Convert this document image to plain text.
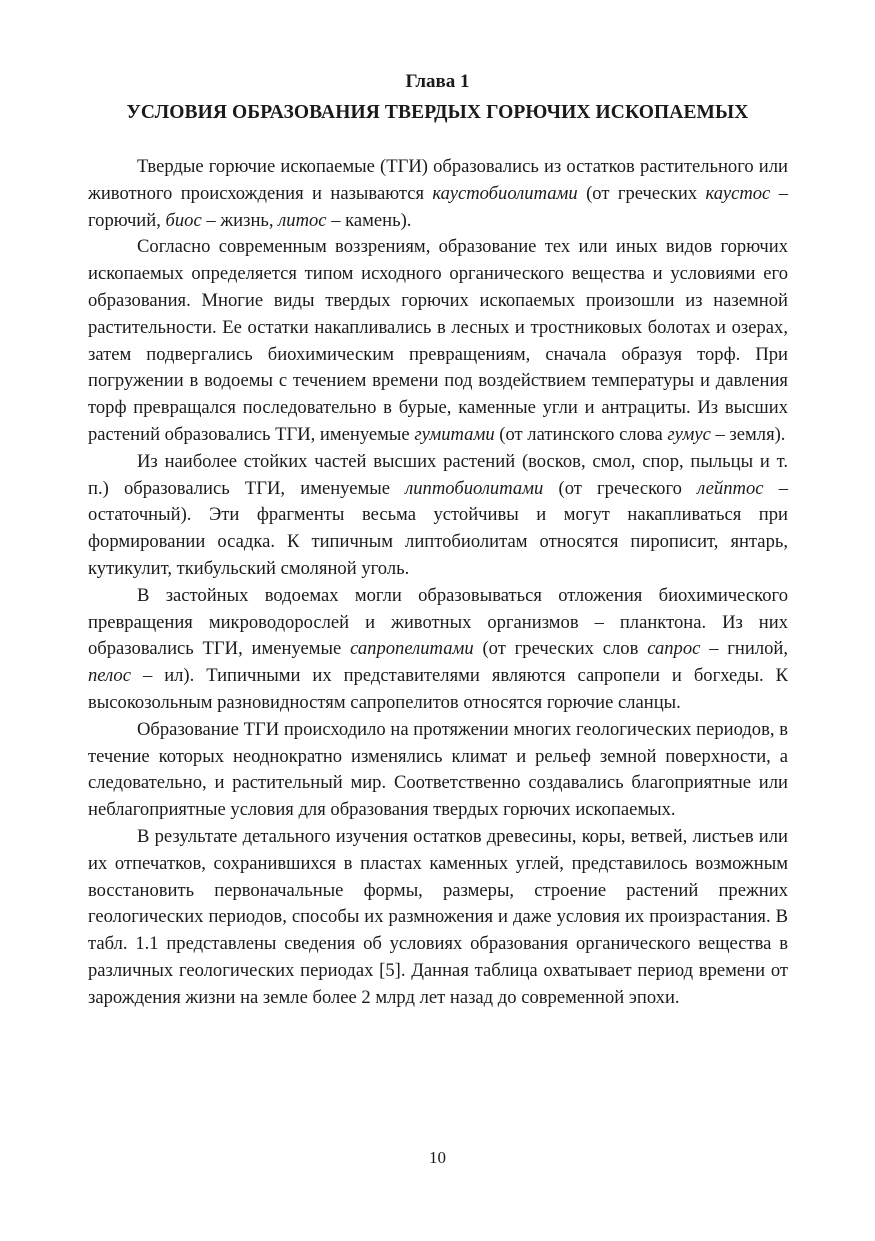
Глава 1
УСЛОВИЯ ОБРАЗОВАНИЯ ТВЕРДЫХ ГОРЮЧИХ ИСКОПАЕМЫХ

Твердые горючие ископаемые (ТГИ) образовались из остатков растительного или животного происхождения и называются каустобиолитами (от греческих каустос – горючий, биос – жизнь, литос – камень).

Согласно современным воззрениям, образование тех или иных видов горючих ископаемых определяется типом исходного органического вещества и условиями его образования. Многие виды твердых горючих ископаемых произошли из наземной растительности. Ее остатки накапливались в лесных и тростниковых болотах и озерах, затем подвергались биохимическим превращениям, сначала образуя торф. При погружении в водоемы с течением времени под воздействием температуры и давления торф превращался последовательно в бурые, каменные угли и антрациты. Из высших растений образовались ТГИ, именуемые гумитами (от латинского слова гумус – земля).

Из наиболее стойких частей высших растений (восков, смол, спор, пыльцы и т. п.) образовались ТГИ, именуемые липтобиолитами (от греческого лейптос – остаточный). Эти фрагменты весьма устойчивы и могут накапливаться при формировании осадка. К типичным липтобиолитам относятся пирописит, янтарь, кутикулит, ткибульский смоляной уголь.

В застойных водоемах могли образовываться отложения биохимического превращения микроводорослей и животных организмов – планктона. Из них образовались ТГИ, именуемые сапропелитами (от греческих слов сапрос – гнилой, пелос – ил). Типичными их представителями являются сапропели и богхеды. К высокозольным разновидностям сапропелитов относятся горючие сланцы.

Образование ТГИ происходило на протяжении многих геологических периодов, в течение которых неоднократно изменялись климат и рельеф земной поверхности, а следовательно, и растительный мир. Соответственно создавались благоприятные или неблагоприятные условия для образования твердых горючих ископаемых.

В результате детального изучения остатков древесины, коры, ветвей, листьев или их отпечатков, сохранившихся в пластах каменных углей, представилось возможным восстановить первоначальные формы, размеры, строение растений прежних геологических периодов, способы их размножения и даже условия их произрастания. В табл. 1.1 представлены сведения об условиях образования органического вещества в различных геологических периодах [5]. Данная таблица охватывает период времени от зарождения жизни на земле более 2 млрд лет назад до современной эпохи.

10
